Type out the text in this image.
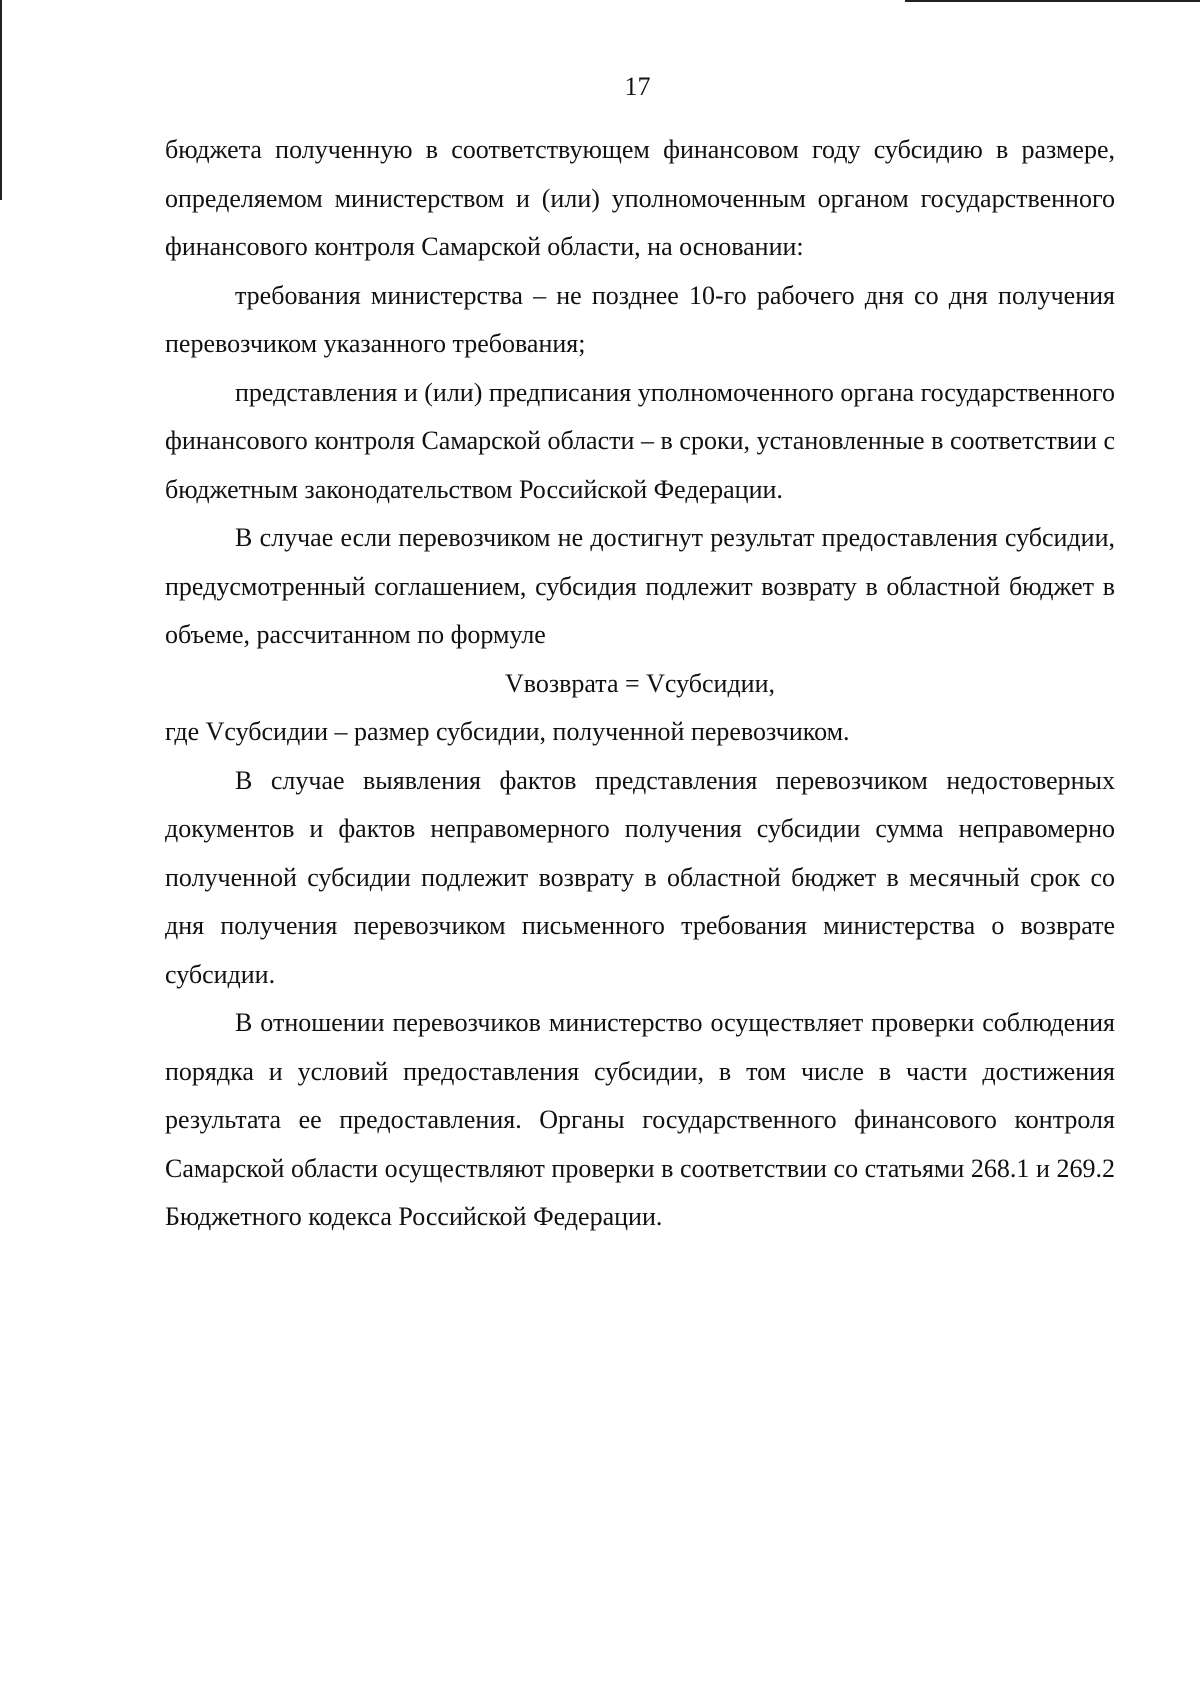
17

бюджета полученную в соответствующем финансовом году субсидию в размере, определяемом министерством и (или) уполномоченным органом государственного финансового контроля Самарской области, на основании:

требования министерства – не позднее 10-го рабочего дня со дня получения перевозчиком указанного требования;

представления и (или) предписания уполномоченного органа государственного финансового контроля Самарской области – в сроки, установленные в соответствии с бюджетным законодательством Российской Федерации.

В случае если перевозчиком не достигнут результат предоставления субсидии, предусмотренный соглашением, субсидия подлежит возврату в областной бюджет в объеме, рассчитанном по формуле

Vвозврата = Vсубсидии,

где Vсубсидии – размер субсидии, полученной перевозчиком.

В случае выявления фактов представления перевозчиком недостоверных документов и фактов неправомерного получения субсидии сумма неправомерно полученной субсидии подлежит возврату в областной бюджет в месячный срок со дня получения перевозчиком письменного требования министерства о возврате субсидии.

В отношении перевозчиков министерство осуществляет проверки соблюдения порядка и условий предоставления субсидии, в том числе в части достижения результата ее предоставления. Органы государственного финансового контроля Самарской области осуществляют проверки в соответствии со статьями 268.1 и 269.2 Бюджетного кодекса Российской Федерации.
